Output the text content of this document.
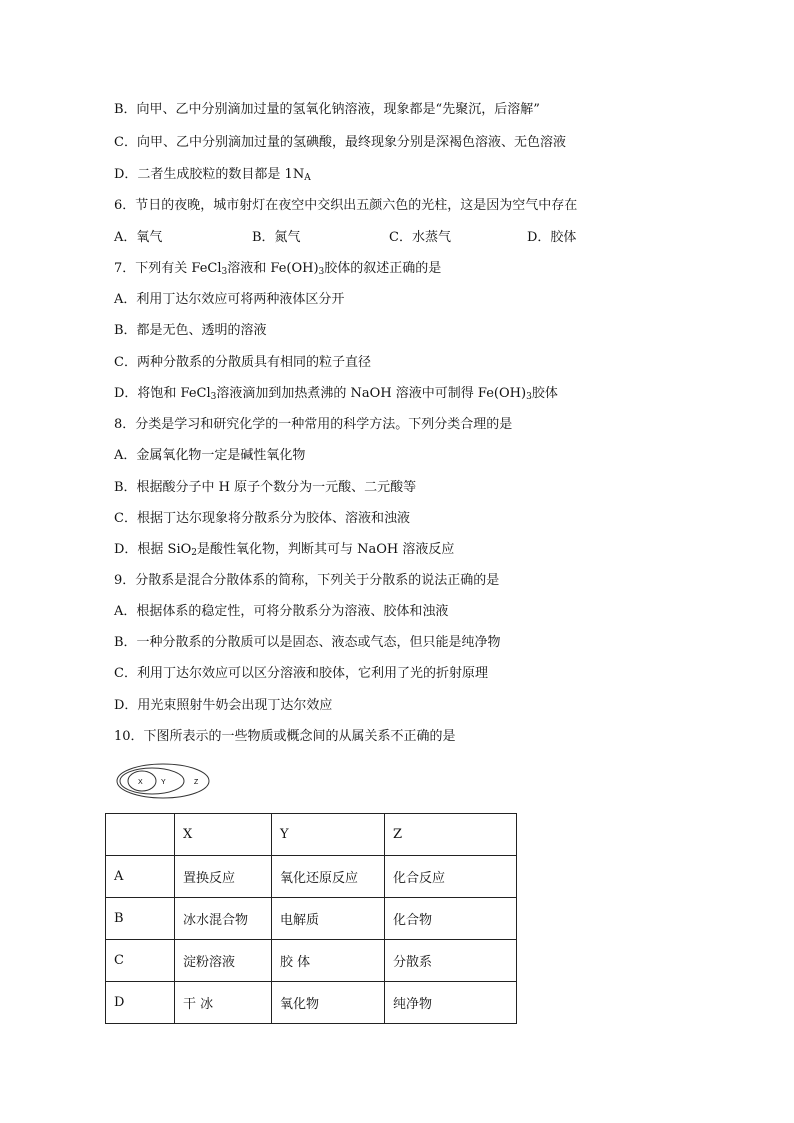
B．向甲、乙中分别滴加过量的氢氧化钠溶液，现象都是“先聚沉，后溶解”
C．向甲、乙中分别滴加过量的氢碘酸，最终现象分别是深褐色溶液、无色溶液
D．二者生成胶粒的数目都是 $1N_A$
6．节日的夜晚，城市射灯在夜空中交织出五颜六色的光柱，这是因为空气中存在
A．氧气	B．氮气	C．水蒸气	D．胶体
7．下列有关 FeCl$_3$溶液和 $Fe(OH)_3$胶体的叙述正确的是
A．利用丁达尔效应可将两种液体区分开
B．都是无色、透明的溶液
C．两种分散系的分散质具有相同的粒子直径
D．将饱和 FeCl$_3$溶液滴加到加热煮沸的 NaOH 溶液中可制得 $Fe(OH)_3$胶体
8．分类是学习和研究化学的一种常用的科学方法。下列分类合理的是
A．金属氧化物一定是碱性氧化物
B．根据酸分子中 H 原子个数分为一元酸、二元酸等
C．根据丁达尔现象将分散系分为胶体、溶液和浊液
D．根据 SiO$_2$是酸性氧化物，判断其可与 NaOH 溶液反应
9．分散系是混合分散体系的简称，下列关于分散系的说法正确的是
A．根据体系的稳定性，可将分散系分为溶液、胶体和浊液
B．一种分散系的分散质可以是固态、液态或气态，但只能是纯净物
C．利用丁达尔效应可以区分溶液和胶体，它利用了光的折射原理
D．用光束照射牛奶会出现丁达尔效应
10．下图所表示的一些物质或概念间的从属关系不正确的是
X	Y	Z
	X	Y	Z
A	置换反应	氧化还原反应	化合反应
B	冰水混合物	电解质	化合物
C	淀粉溶液	胶 体	分散系
D	干 冰	氧化物	纯净物
